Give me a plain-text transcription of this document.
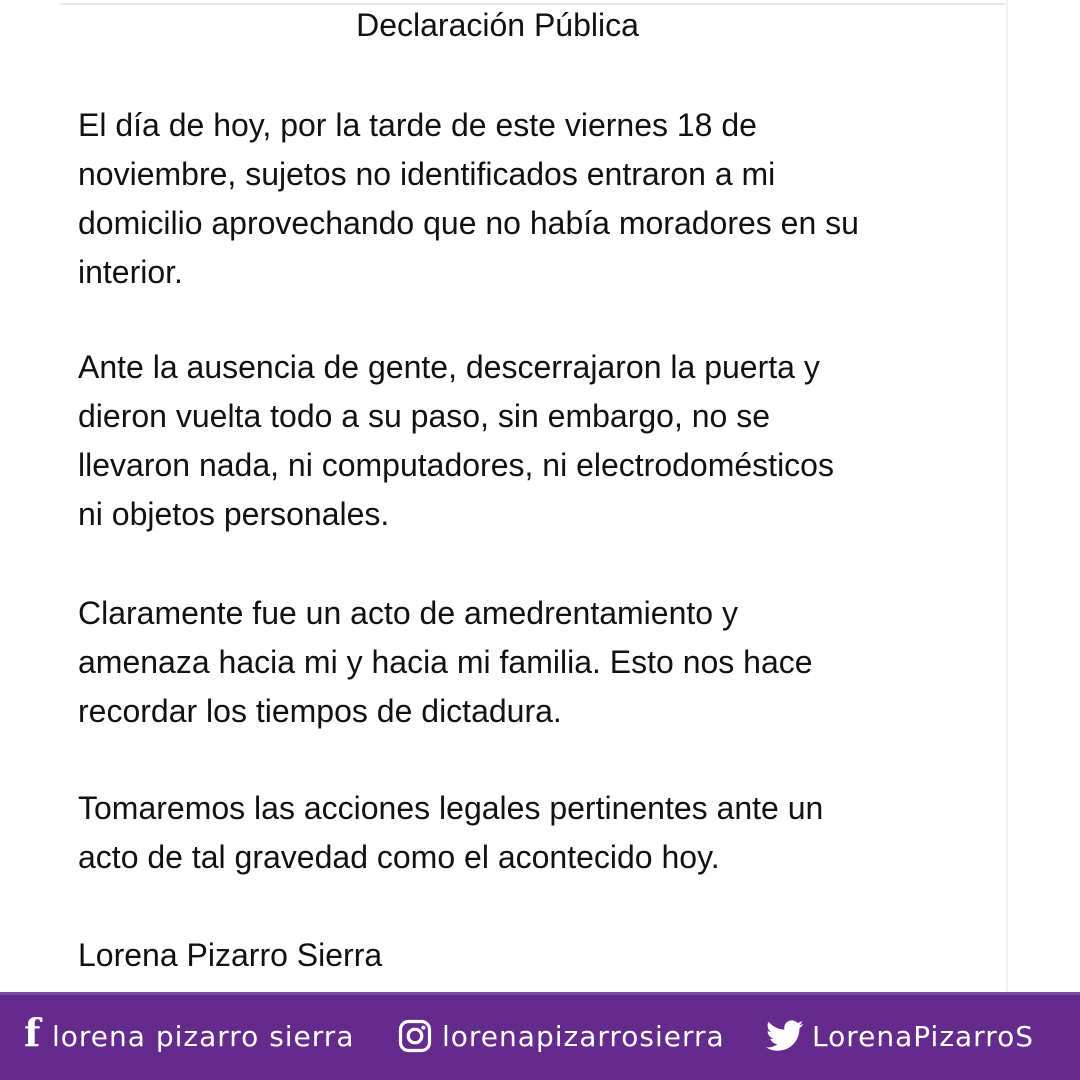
Declaración Pública

El día de hoy, por la tarde de este viernes 18 de
noviembre, sujetos no identificados entraron a mi
domicilio aprovechando que no había moradores en su
interior.

Ante la ausencia de gente, descerrajaron la puerta y
dieron vuelta todo a su paso, sin embargo, no se
llevaron nada, ni computadores, ni electrodomésticos
ni objetos personales.

Claramente fue un acto de amedrentamiento y
amenaza hacia mi y hacia mi familia. Esto nos hace
recordar los tiempos de dictadura.

Tomaremos las acciones legales pertinentes ante un
acto de tal gravedad como el acontecido hoy.

Lorena Pizarro Sierra

f lorena pizarro sierra	lorenapizarrosierra	LorenaPizarroS
